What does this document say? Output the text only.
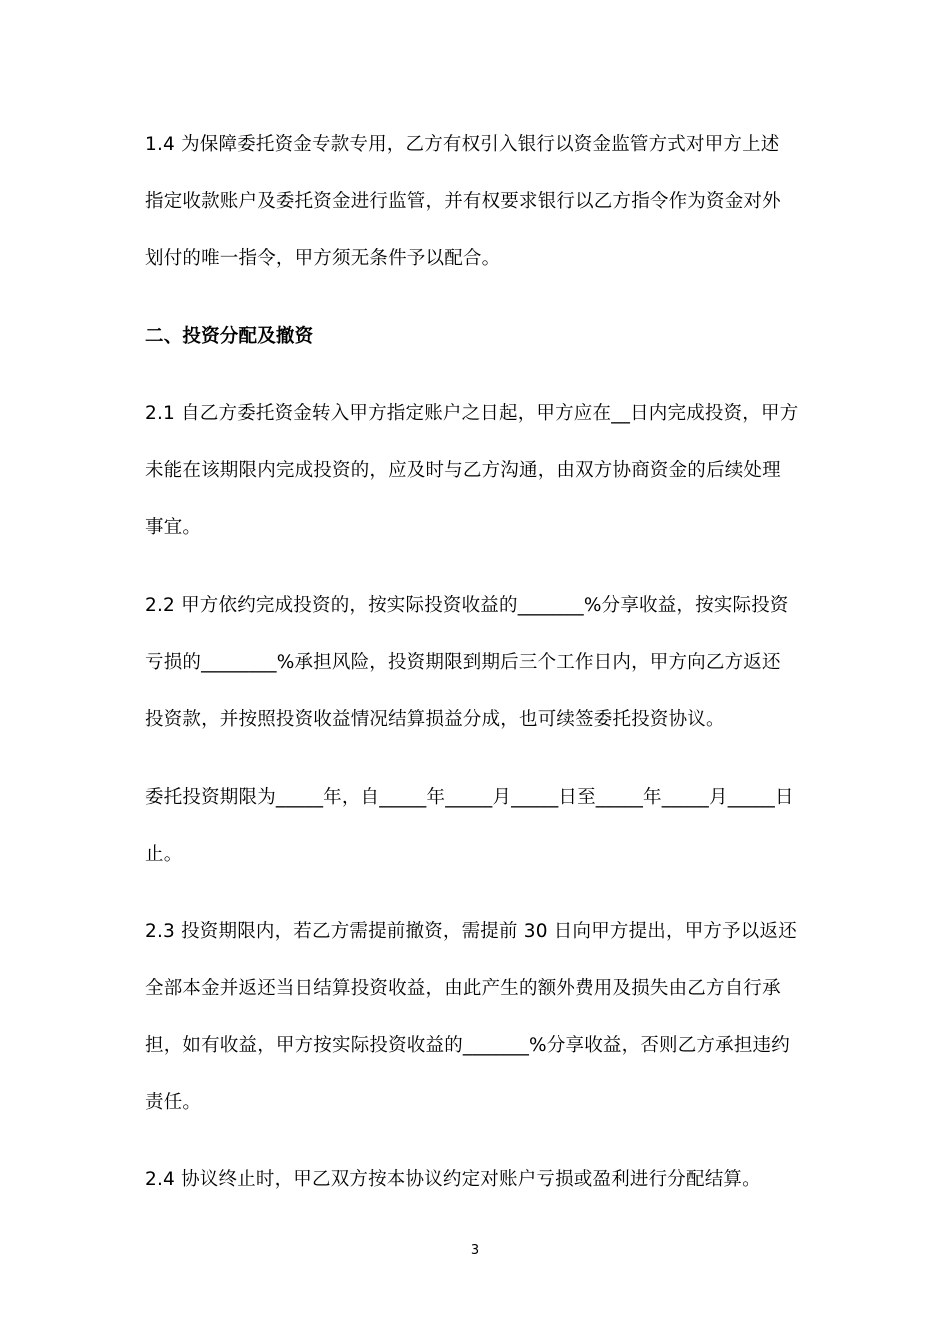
1.4 为保障委托资金专款专用，乙方有权引入银行以资金监管方式对甲方上述
指定收款账户及委托资金进行监管，并有权要求银行以乙方指令作为资金对外
划付的唯一指令，甲方须无条件予以配合。
二、投资分配及撤资
2.1 自乙方委托资金转入甲方指定账户之日起，甲方应在__日内完成投资，甲方
未能在该期限内完成投资的，应及时与乙方沟通，由双方协商资金的后续处理
事宜。
2.2 甲方依约完成投资的，按实际投资收益的_______%分享收益，按实际投资
亏损的________%承担风险，投资期限到期后三个工作日内，甲方向乙方返还
投资款，并按照投资收益情况结算损益分成，也可续签委托投资协议。
委托投资期限为_____年，自_____年_____月_____日至_____年_____月_____日
止。
2.3 投资期限内，若乙方需提前撤资，需提前 30 日向甲方提出，甲方予以返还
全部本金并返还当日结算投资收益，由此产生的额外费用及损失由乙方自行承
担，如有收益，甲方按实际投资收益的_______%分享收益，否则乙方承担违约
责任。
2.4 协议终止时，甲乙双方按本协议约定对账户亏损或盈利进行分配结算。
3
